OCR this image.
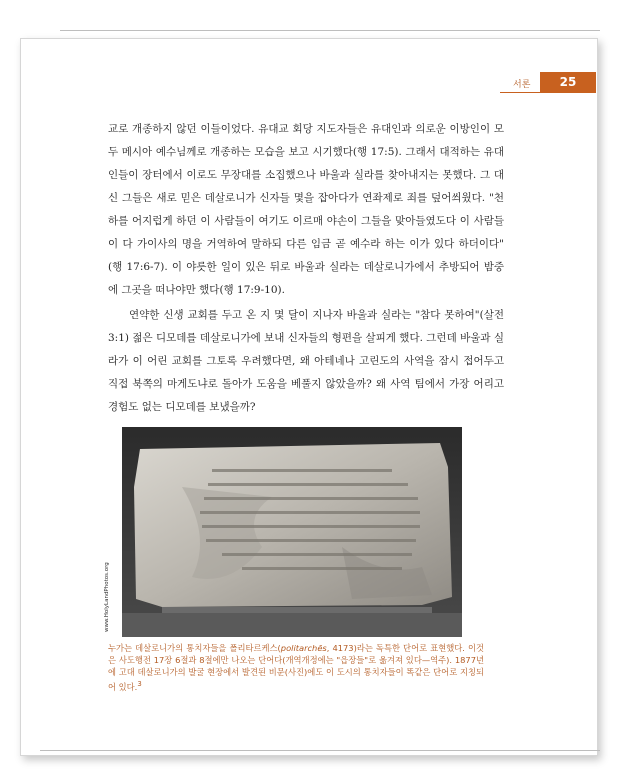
서론	25

교로 개종하지 않던 이들이었다. 유대교 회당 지도자들은 유대인과 의로운 이방인이 모두 메시아 예수님께로 개종하는 모습을 보고 시기했다(행 17:5). 그래서 대적하는 유대인들이 장터에서 이로도 무장대를 소집했으나 바울과 실라를 찾아내지는 못했다. 그 대신 그들은 새로 믿은 데살로니가 신자들 몇을 잡아다가 연좌제로 죄를 덮어씌웠다. "천하를 어지럽게 하던 이 사람들이 여기도 이르매 야손이 그들을 맞아들였도다 이 사람들이 다 가이사의 명을 거역하여 말하되 다른 임금 곧 예수라 하는 이가 있다 하더이다"(행 17:6-7). 이 야릇한 일이 있은 뒤로 바울과 실라는 데살로니가에서 추방되어 밤중에 그곳을 떠나야만 했다(행 17:9-10).

연약한 신생 교회를 두고 온 지 몇 달이 지나자 바울과 실라는 "참다 못하여"(살전 3:1) 젊은 디모데를 데살로니가에 보내 신자들의 형편을 살피게 했다. 그런데 바울과 실라가 이 어린 교회를 그토록 우려했다면, 왜 아테네나 고린도의 사역을 잠시 접어두고 직접 북쪽의 마게도냐로 돌아가 도움을 베풀지 않았을까? 왜 사역 팀에서 가장 어리고 경험도 없는 디모데를 보냈을까?

www.HolyLandPhotos.org
누가는 데살로니가의 통치자들을 폴리타르케스(politarchēs, 4173)라는 독특한 단어로 표현했다. 이것은 사도행전 17장 6절과 8절에만 나오는 단어다(개역개정에는 "읍장들"로 옮겨져 있다—역주). 1877년에 고대 데살로니가의 발굴 현장에서 발견된 비문(사진)에도 이 도시의 통치자들이 똑같은 단어로 지칭되어 있다.$^3$
